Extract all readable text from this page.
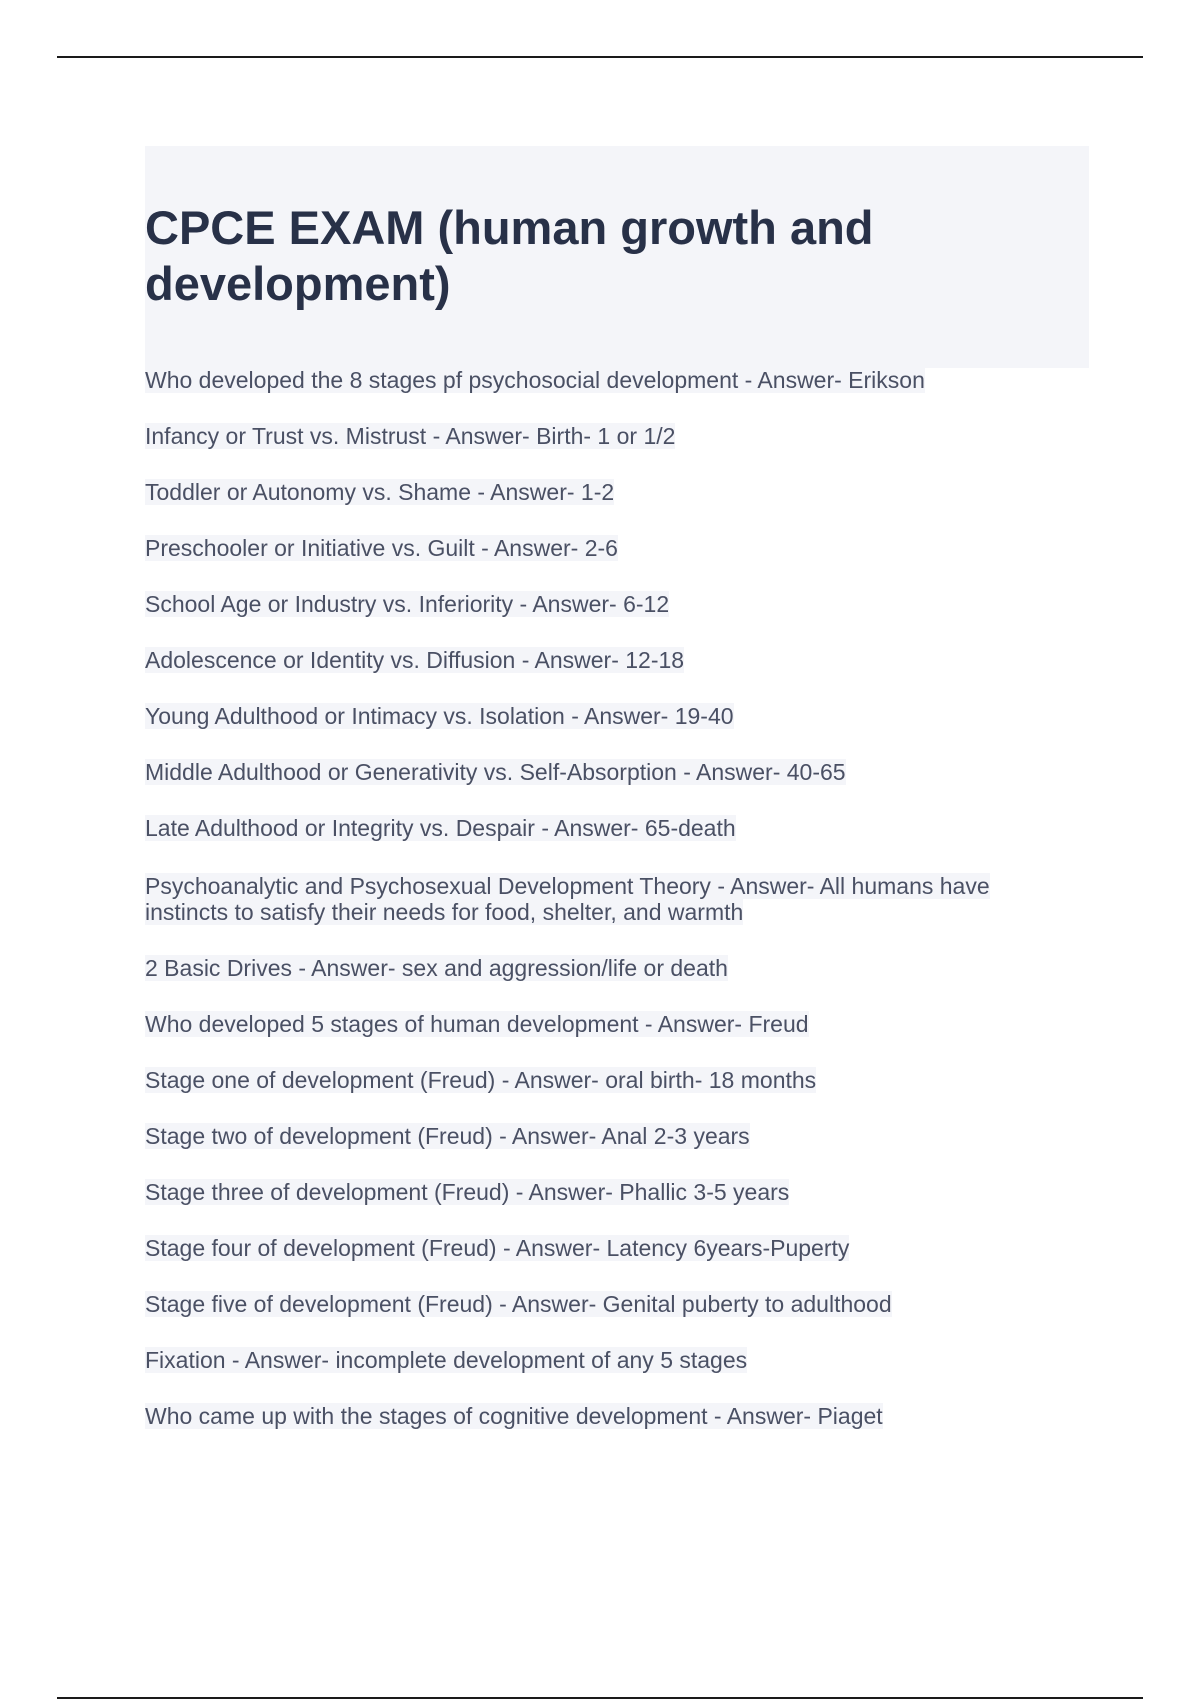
CPCE EXAM (human growth and development)
Who developed the 8 stages pf psychosocial development - Answer- Erikson
Infancy or Trust vs. Mistrust - Answer- Birth- 1 or 1/2
Toddler or Autonomy vs. Shame - Answer- 1-2
Preschooler or Initiative vs. Guilt - Answer- 2-6
School Age or Industry vs. Inferiority - Answer- 6-12
Adolescence or Identity vs. Diffusion - Answer- 12-18
Young Adulthood or Intimacy vs. Isolation - Answer- 19-40
Middle Adulthood or Generativity vs. Self-Absorption - Answer- 40-65
Late Adulthood or Integrity vs. Despair - Answer- 65-death
Psychoanalytic and Psychosexual Development Theory - Answer- All humans have instincts to satisfy their needs for food, shelter, and warmth
2 Basic Drives - Answer- sex and aggression/life or death
Who developed 5 stages of human development - Answer- Freud
Stage one of development (Freud) - Answer- oral birth- 18 months
Stage two of development (Freud) - Answer- Anal 2-3 years
Stage three of development (Freud) - Answer- Phallic 3-5 years
Stage four of development (Freud) - Answer- Latency 6years-Puperty
Stage five of development (Freud) - Answer- Genital puberty to adulthood
Fixation - Answer- incomplete development of any 5 stages
Who came up with the stages of cognitive development - Answer- Piaget
